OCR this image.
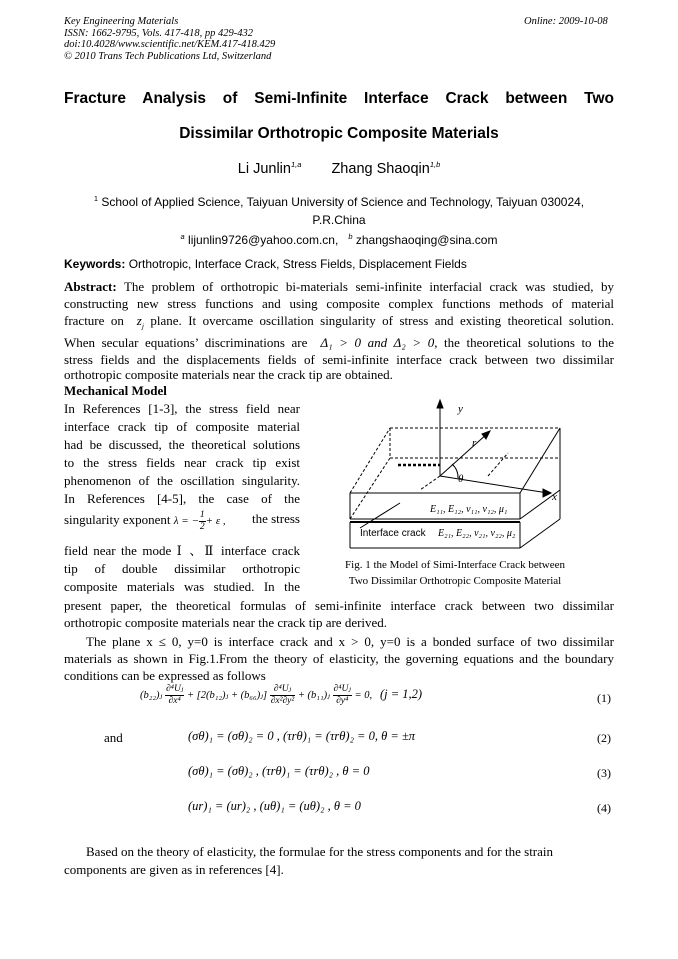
Key Engineering Materials
ISSN: 1662-9795, Vols. 417-418, pp 429-432
doi:10.4028/www.scientific.net/KEM.417-418.429
© 2010 Trans Tech Publications Ltd, Switzerland
Online: 2009-10-08
Fracture Analysis of Semi-Infinite Interface Crack between Two
Dissimilar Orthotropic Composite Materials
Li Junlin$^{1,a}$ Zhang Shaoqin$^{1,b}$
$^1$ School of Applied Science, Taiyuan University of Science and Technology, Taiyuan 030024,
P.R.China
$^a$ lijunlin9726@yahoo.com.cn, $^b$ zhangshaoqing@sina.com
Keywords: Orthotropic, Interface Crack, Stress Fields, Displacement Fields
Abstract: The problem of orthotropic bi-materials semi-infinite interfacial crack was studied, by
constructing new stress functions and using composite complex functions methods of material
fracture on $z_j$ plane. It overcame oscillation singularity of stress and existing theoretical solution.
When secular equations’ discriminations are Δ₁ > 0 and Δ₂ > 0, the theoretical solutions to the
stress fields and the displacements fields of semi-infinite interface crack between two dissimilar
orthotropic composite materials near the crack tip are obtained.
Mechanical Model
In References [1-3], the stress field near
interface crack tip of composite material
had be discussed, the theoretical solutions
to the stress fields near crack tip exist
phenomenon of the oscillation singularity.
In References [4-5], the case of the
singularity exponent λ = − $\frac{1}{2} + \varepsilon$ , the stress
field near the mode Ⅰ 、Ⅱ interface crack
tip of double dissimilar orthotropic
composite materials was studied. In the
y
x
r
θ
E₁₁, E₁₂, ν₁₁, ν₁₂, μ₁
Interface crack E₂₁, E₂₂, ν₂₁, ν₂₂, μ₂
Fig. 1 the Model of Simi-Interface Crack between
Two Dissimilar Orthotropic Composite Material
present paper, the theoretical formulas of semi-infinite interface crack between two dissimilar
orthotropic composite materials near the crack tip are derived.
The plane x ≤ 0, y=0 is interface crack and x > 0, y=0 is a bonded surface of two dissimilar
materials as shown in Fig.1.From the theory of elasticity, the governing equations and the boundary
conditions can be expressed as follows
(b₂₂)ⱼ $\frac{\text{∂⁴Uⱼ}}{\text{∂x⁴}}$ + [2(b₁₂)ⱼ + (b₆₆)ⱼ] $\frac{\text{∂⁴Uⱼ}}{\text{∂x²∂y²}}$ + (b₁₁)ⱼ $\frac{\text{∂⁴Uⱼ}}{\text{∂y⁴}} = 0$, (j = 1,2)	(1)
and	(σθ)₁ = (σθ)₂ = 0 , (τrθ)₁ = (τrθ)₂ = 0, θ = ±π	(2)
(σθ)₁ = (σθ)₂ , (τrθ)₁ = (τrθ)₂ , θ = 0	(3)
(ur)₁ = (ur)₂ , (uθ)₁ = (uθ)₂ , θ = 0	(4)
Based on the theory of elasticity, the formulae for the stress components and for the strain
components are given as in references [4].
